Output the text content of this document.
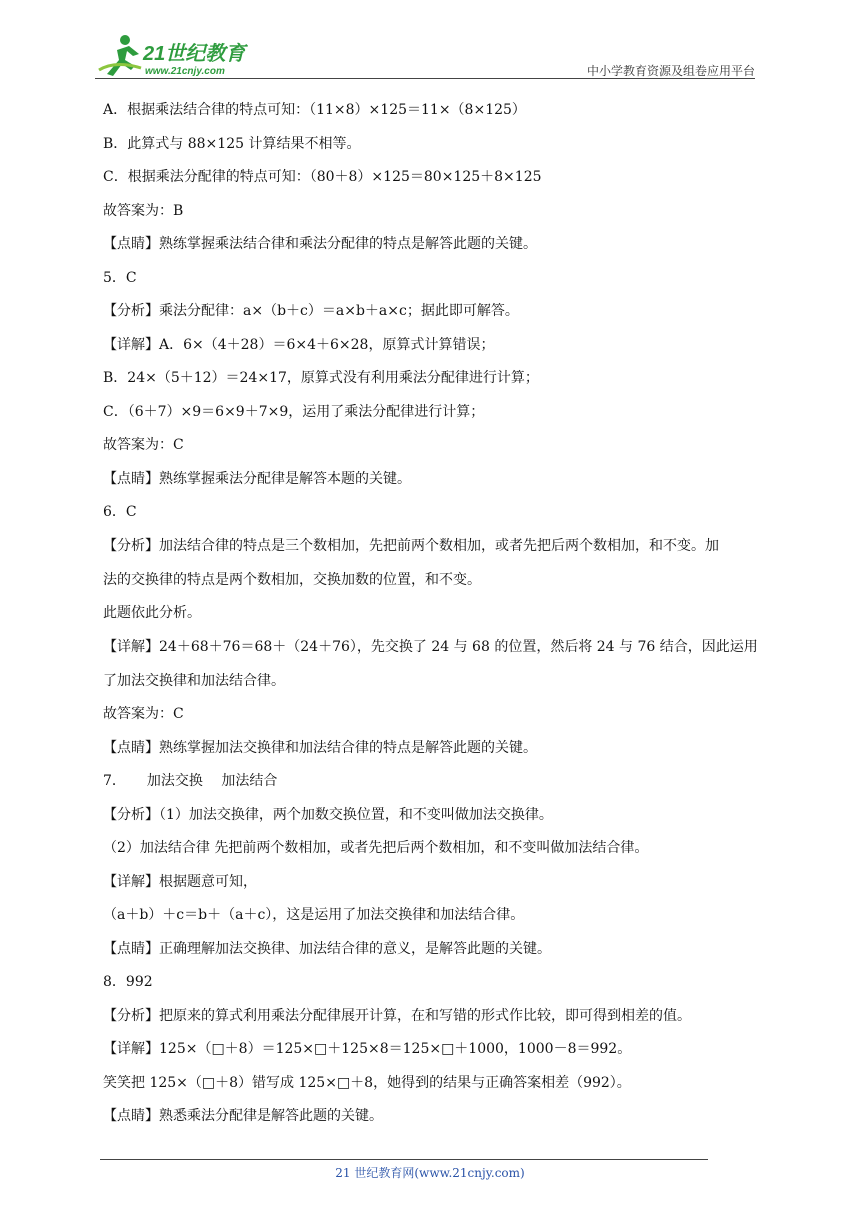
21世纪教育
www.21cnjy.com	中小学教育资源及组卷应用平台
A．根据乘法结合律的特点可知：（11×8）×125＝11×（8×125）
B．此算式与 88×125 计算结果不相等。
C．根据乘法分配律的特点可知：（80＋8）×125＝80×125＋8×125
故答案为：B
【点睛】熟练掌握乘法结合律和乘法分配律的特点是解答此题的关键。
5．C
【分析】乘法分配律：a×（b＋c）＝a×b＋a×c；据此即可解答。
【详解】A．6×（4＋28）＝6×4＋6×28，原算式计算错误；
B．24×（5＋12）＝24×17，原算式没有利用乘法分配律进行计算；
C．（6＋7）×9＝6×9＋7×9，运用了乘法分配律进行计算；
故答案为：C
【点睛】熟练掌握乘法分配律是解答本题的关键。
6．C
【分析】加法结合律的特点是三个数相加，先把前两个数相加，或者先把后两个数相加，和不变。加
法的交换律的特点是两个数相加，交换加数的位置，和不变。
此题依此分析。
【详解】24＋68＋76＝68＋（24＋76），先交换了 24 与 68 的位置，然后将 24 与 76 结合，因此运用
了加法交换律和加法结合律。
故答案为：C
【点睛】熟练掌握加法交换律和加法结合律的特点是解答此题的关键。
7．　　加法交换　 加法结合
【分析】（1）加法交换律，两个加数交换位置，和不变叫做加法交换律。
（2）加法结合律 先把前两个数相加，或者先把后两个数相加，和不变叫做加法结合律。
【详解】根据题意可知，
（a＋b）＋c＝b＋（a＋c），这是运用了加法交换律和加法结合律。
【点睛】正确理解加法交换律、加法结合律的意义，是解答此题的关键。
8．992
【分析】把原来的算式利用乘法分配律展开计算，在和写错的形式作比较，即可得到相差的值。
【详解】125×（□＋8）＝125×□＋125×8＝125×□＋1000，1000－8＝992。
笑笑把 125×（□＋8）错写成 125×□＋8，她得到的结果与正确答案相差（992）。
【点睛】熟悉乘法分配律是解答此题的关键。
21 世纪教育网(www.21cnjy.com)
